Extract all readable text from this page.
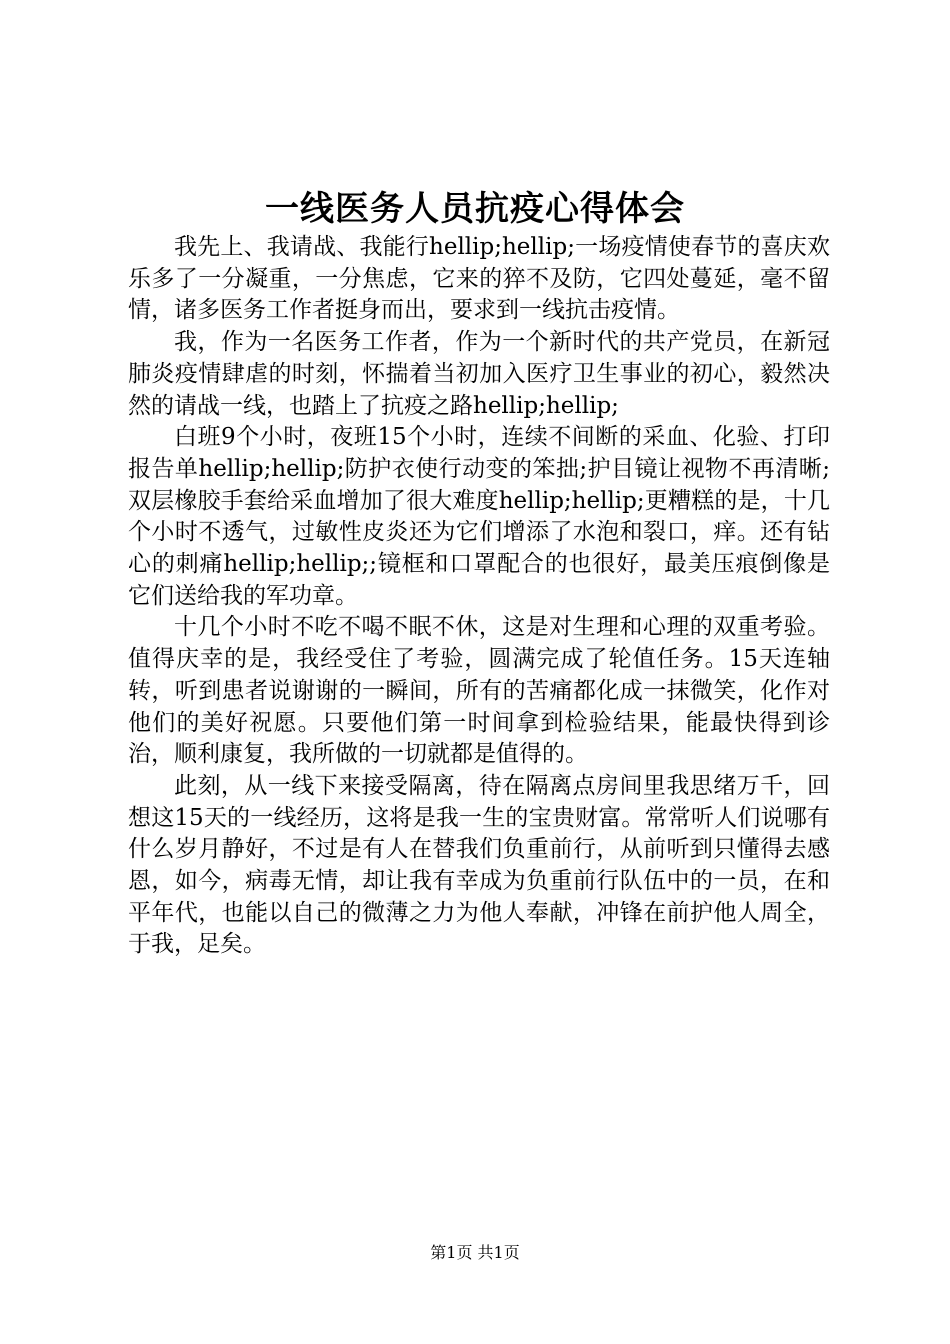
一线医务人员抗疫心得体会

我先上、我请战、我能行hellip;hellip;一场疫情使春节的喜庆欢乐多了一分凝重，一分焦虑，它来的猝不及防，它四处蔓延，毫不留情，诸多医务工作者挺身而出，要求到一线抗击疫情。

我，作为一名医务工作者，作为一个新时代的共产党员，在新冠肺炎疫情肆虐的时刻，怀揣着当初加入医疗卫生事业的初心，毅然决然的请战一线，也踏上了抗疫之路hellip;hellip;

白班9个小时，夜班15个小时，连续不间断的采血、化验、打印报告单hellip;hellip;防护衣使行动变的笨拙;护目镜让视物不再清晰;双层橡胶手套给采血增加了很大难度hellip;hellip;更糟糕的是，十几个小时不透气，过敏性皮炎还为它们增添了水泡和裂口，痒。还有钻心的刺痛hellip;hellip;;镜框和口罩配合的也很好，最美压痕倒像是它们送给我的军功章。

十几个小时不吃不喝不眠不休，这是对生理和心理的双重考验。值得庆幸的是，我经受住了考验，圆满完成了轮值任务。15天连轴转，听到患者说谢谢的一瞬间，所有的苦痛都化成一抹微笑，化作对他们的美好祝愿。只要他们第一时间拿到检验结果，能最快得到诊治，顺利康复，我所做的一切就都是值得的。

此刻，从一线下来接受隔离，待在隔离点房间里我思绪万千，回想这15天的一线经历，这将是我一生的宝贵财富。常常听人们说哪有什么岁月静好，不过是有人在替我们负重前行，从前听到只懂得去感恩，如今，病毒无情，却让我有幸成为负重前行队伍中的一员，在和平年代，也能以自己的微薄之力为他人奉献，冲锋在前护他人周全，于我，足矣。

第1页 共1页
